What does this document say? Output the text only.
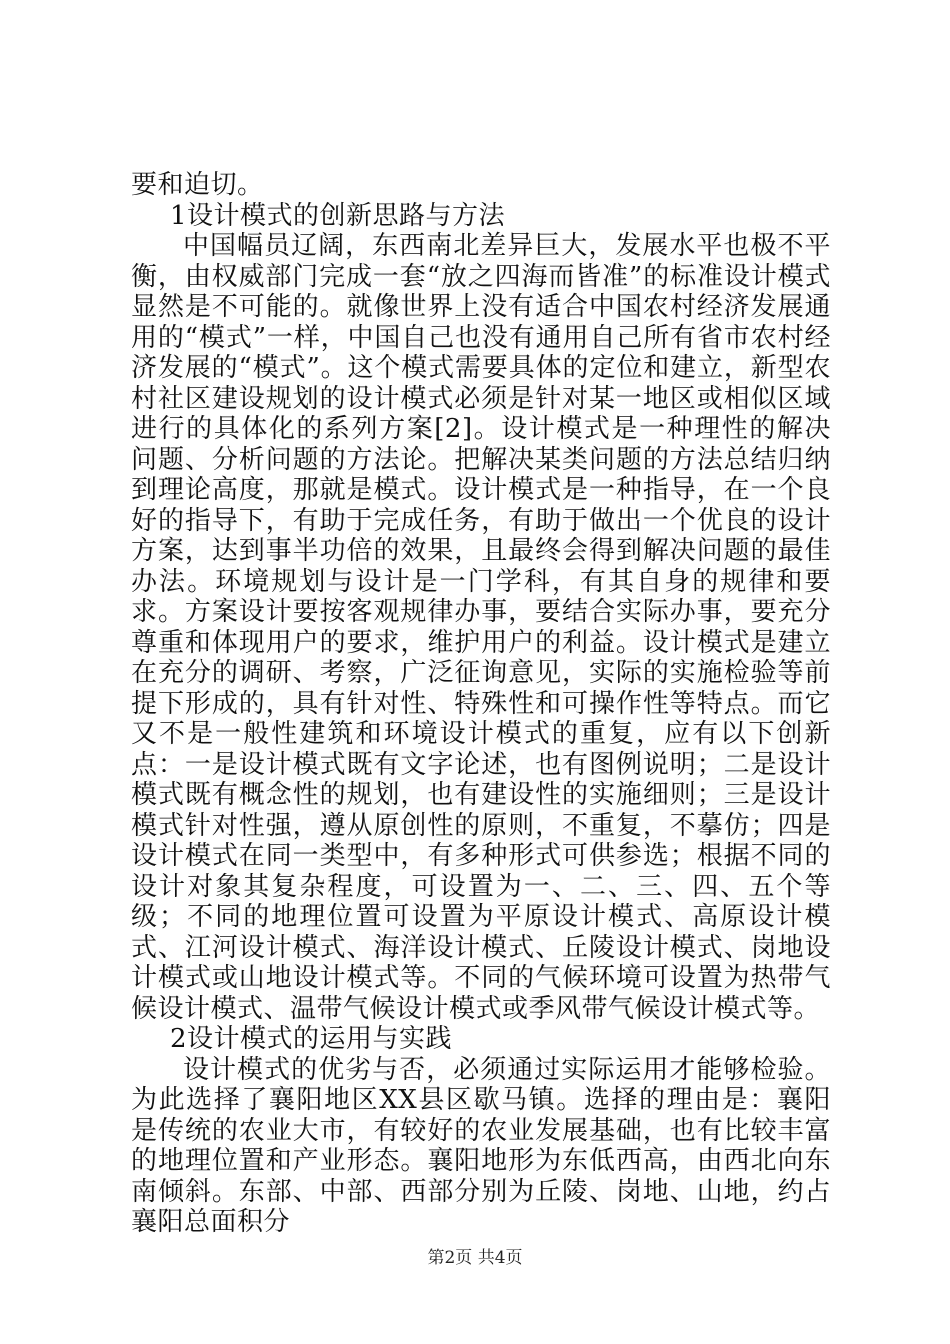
要和迫切。

1设计模式的创新思路与方法

中国幅员辽阔，东西南北差异巨大，发展水平也极不平衡，由权威部门完成一套“放之四海而皆准”的标准设计模式显然是不可能的。就像世界上没有适合中国农村经济发展通用的“模式”一样，中国自己也没有通用自己所有省市农村经济发展的“模式”。这个模式需要具体的定位和建立，新型农村社区建设规划的设计模式必须是针对某一地区或相似区域进行的具体化的系列方案[2]。设计模式是一种理性的解决问题、分析问题的方法论。把解决某类问题的方法总结归纳到理论高度，那就是模式。设计模式是一种指导，在一个良好的指导下，有助于完成任务，有助于做出一个优良的设计方案，达到事半功倍的效果，且最终会得到解决问题的最佳办法。环境规划与设计是一门学科，有其自身的规律和要求。方案设计要按客观规律办事，要结合实际办事，要充分尊重和体现用户的要求，维护用户的利益。设计模式是建立在充分的调研、考察，广泛征询意见，实际的实施检验等前提下形成的，具有针对性、特殊性和可操作性等特点。而它又不是一般性建筑和环境设计模式的重复，应有以下创新点：一是设计模式既有文字论述，也有图例说明；二是设计模式既有概念性的规划，也有建设性的实施细则；三是设计模式针对性强，遵从原创性的原则，不重复，不摹仿；四是设计模式在同一类型中，有多种形式可供参选；根据不同的设计对象其复杂程度，可设置为一、二、三、四、五个等级；不同的地理位置可设置为平原设计模式、高原设计模式、江河设计模式、海洋设计模式、丘陵设计模式、岗地设计模式或山地设计模式等。不同的气候环境可设置为热带气候设计模式、温带气候设计模式或季风带气候设计模式等。

2设计模式的运用与实践

设计模式的优劣与否，必须通过实际运用才能够检验。为此选择了襄阳地区XX县区歇马镇。选择的理由是：襄阳是传统的农业大市，有较好的农业发展基础，也有比较丰富的地理位置和产业形态。襄阳地形为东低西高，由西北向东南倾斜。东部、中部、西部分别为丘陵、岗地、山地，约占襄阳总面积分

第2页 共4页
